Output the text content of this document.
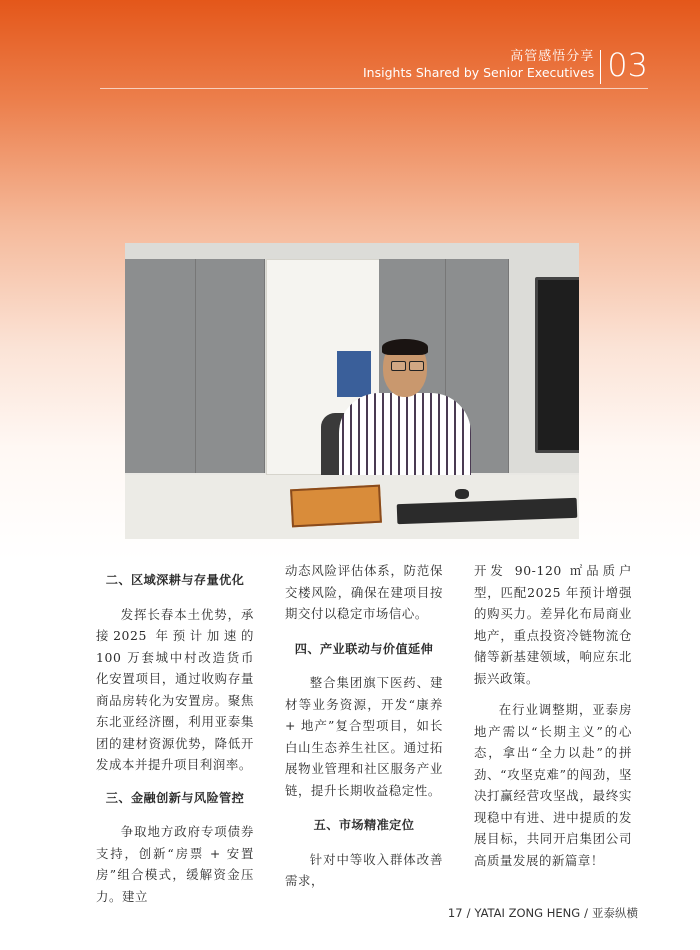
高管感悟分享
Insights Shared by Senior Executives 03
二、区域深耕与存量优化

发挥长春本土优势，承接2025 年预计加速的 100 万套城中村改造货币化安置项目，通过收购存量商品房转化为安置房。聚焦东北亚经济圈，利用亚泰集团的建材资源优势，降低开发成本并提升项目利润率。

三、金融创新与风险管控

争取地方政府专项债券支持，创新“房票 + 安置房”组合模式，缓解资金压力。建立

动态风险评估体系，防范保交楼风险，确保在建项目按期交付以稳定市场信心。

四、产业联动与价值延伸

整合集团旗下医药、建材等业务资源，开发“康养 + 地产”复合型项目，如长白山生态养生社区。通过拓展物业管理和社区服务产业链，提升长期收益稳定性。

五、市场精准定位

针对中等收入群体改善需求，

开发 90-120 ㎡品质户型，匹配2025 年预计增强的购买力。差异化布局商业地产，重点投资冷链物流仓储等新基建领域，响应东北振兴政策。

在行业调整期，亚泰房地产需以“长期主义”的心态，拿出“全力以赴”的拼劲、“攻坚克难”的闯劲，坚决打赢经营攻坚战，最终实现稳中有进、进中提质的发展目标，共同开启集团公司高质量发展的新篇章！

17 / YATAI ZONG HENG / 亚泰纵横
